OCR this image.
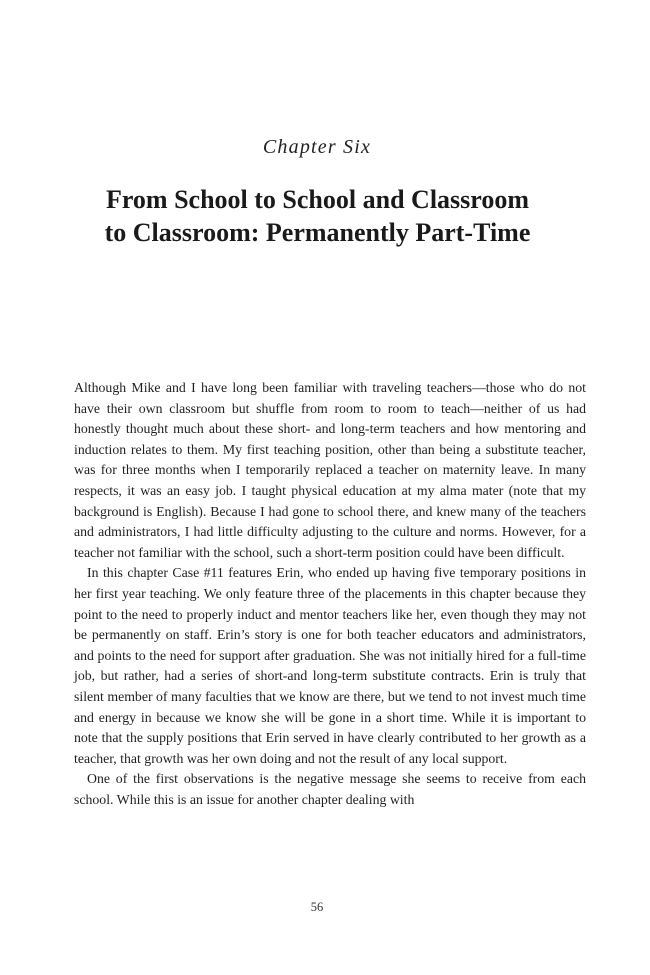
Chapter Six
From School to School and Classroom
to Classroom: Permanently Part-Time

Although Mike and I have long been familiar with traveling teachers—those who do not have their own classroom but shuffle from room to room to teach—neither of us had honestly thought much about these short- and long-term teachers and how mentoring and induction relates to them. My first teaching position, other than being a substitute teacher, was for three months when I temporarily replaced a teacher on maternity leave. In many respects, it was an easy job. I taught physical education at my alma mater (note that my background is English). Because I had gone to school there, and knew many of the teachers and administrators, I had little difficulty adjusting to the culture and norms. However, for a teacher not familiar with the school, such a short-term position could have been difficult.

In this chapter Case #11 features Erin, who ended up having five temporary positions in her first year teaching. We only feature three of the placements in this chapter because they point to the need to properly induct and mentor teachers like her, even though they may not be permanently on staff. Erin’s story is one for both teacher educators and administrators, and points to the need for support after graduation. She was not initially hired for a full-time job, but rather, had a series of short-and long-term substitute contracts. Erin is truly that silent member of many faculties that we know are there, but we tend to not invest much time and energy in because we know she will be gone in a short time. While it is important to note that the supply positions that Erin served in have clearly contributed to her growth as a teacher, that growth was her own doing and not the result of any local support.

One of the first observations is the negative message she seems to receive from each school. While this is an issue for another chapter dealing with

56
